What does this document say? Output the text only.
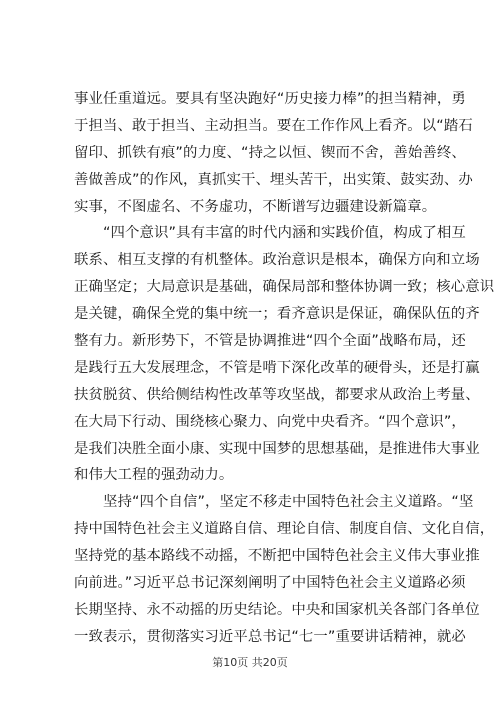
事业任重道远。要具有坚决跑好“历史接力棒”的担当精神，勇
于担当、敢于担当、主动担当。要在工作作风上看齐。以“踏石
留印、抓铁有痕”的力度、“持之以恒、锲而不舍，善始善终、
善做善成”的作风，真抓实干、埋头苦干，出实策、鼓实劲、办
实事，不图虚名、不务虚功，不断谱写边疆建设新篇章。
“四个意识”具有丰富的时代内涵和实践价值，构成了相互
联系、相互支撑的有机整体。政治意识是根本，确保方向和立场
正确坚定；大局意识是基础，确保局部和整体协调一致；核心意识
是关键，确保全党的集中统一；看齐意识是保证，确保队伍的齐
整有力。新形势下，不管是协调推进“四个全面”战略布局，还
是践行五大发展理念，不管是啃下深化改革的硬骨头，还是打赢
扶贫脱贫、供给侧结构性改革等攻坚战，都要求从政治上考量、
在大局下行动、围绕核心聚力、向党中央看齐。“四个意识”，
是我们决胜全面小康、实现中国梦的思想基础，是推进伟大事业
和伟大工程的强劲动力。
坚持“四个自信”，坚定不移走中国特色社会主义道路。“坚
持中国特色社会主义道路自信、理论自信、制度自信、文化自信，
坚持党的基本路线不动摇，不断把中国特色社会主义伟大事业推
向前进。”习近平总书记深刻阐明了中国特色社会主义道路必须
长期坚持、永不动摇的历史结论。中央和国家机关各部门各单位
一致表示，贯彻落实习近平总书记“七一”重要讲话精神，就必
第10页 共20页
